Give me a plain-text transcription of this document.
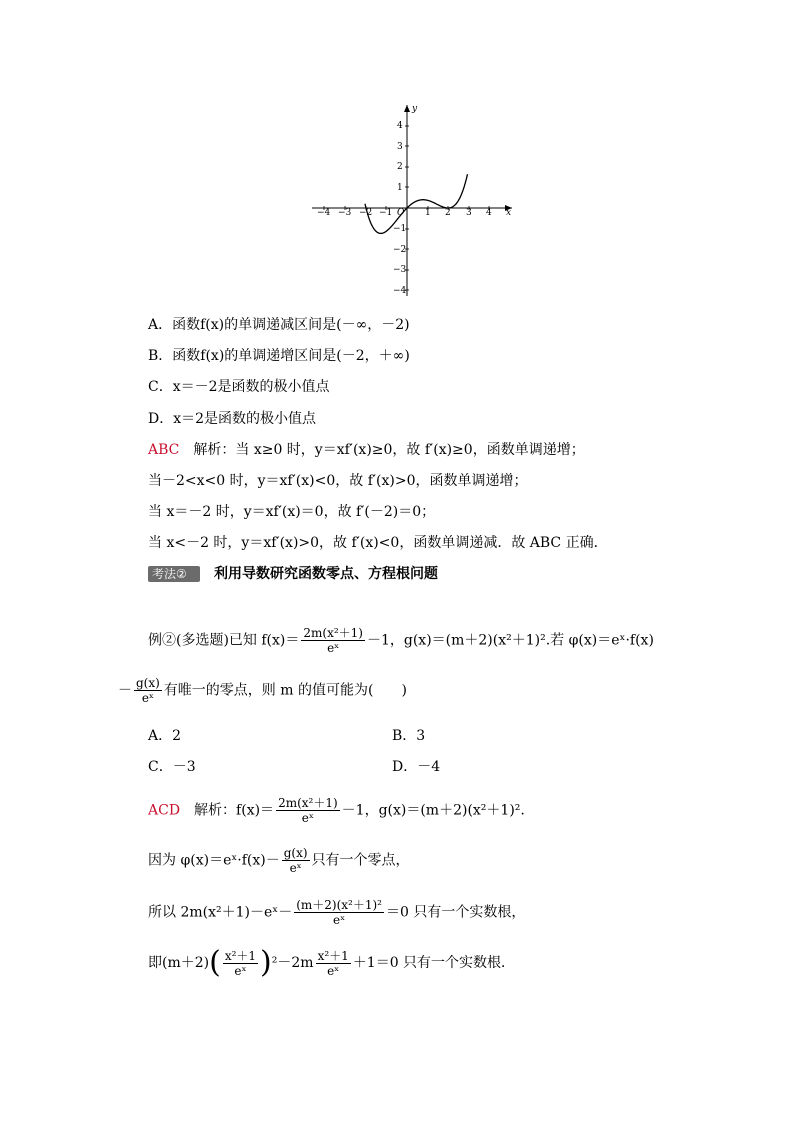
x
y
O
−4 −3 −2 −1	1 2 3 4
4
3
2
1
−1
−2
−3
−4
A．函数f(x)的单调递减区间是(－∞，－2)
B．函数f(x)的单调递增区间是(－2，＋∞)
C．x＝－2是函数的极小值点
D．x＝2是函数的极小值点
ABC　解析：当 x≥0 时，y＝xf′(x)≥0，故 f′(x)≥0，函数单调递增；
当－2<x<0 时，y＝xf′(x)<0，故 f′(x)>0，函数单调递增；
当 x＝－2 时，y＝xf′(x)＝0，故 f′(－2)＝0；
当 x<－2 时，y＝xf′(x)>0，故 f′(x)<0，函数单调递减．故 ABC 正确．
考法② 利用导数研究函数零点、方程根问题
例②(多选题)已知 $f(x)= \frac{\text{2m(x²＋1)}}{\text{eˣ}} -1$，g(x)＝(m＋2)(x²＋1)².若 φ(x)＝eˣ·f(x)
－ $\frac{g(x)}{\text{eˣ}}$ 有唯一的零点，则 m 的值可能为(　　)
A．2	B．3
C．－3	D．－4
ACD　解析：$f(x)= \frac{\text{2m(x²＋1)}}{\text{eˣ}} -1$，g(x)＝(m＋2)(x²＋1)².
因为 φ(x)＝eˣ·f(x)－ $\frac{g(x)}{\text{eˣ}}$ 只有一个零点，
所以 2m(x²＋1)－eˣ－ $\frac{\text{(m＋2)(x²＋1)²}}{\text{eˣ}} =0$ 只有一个实数根，
即$(m+2)( \frac{\text{x²＋1}}{\text{eˣ}} )^2-2m \frac{\text{x²＋1}}{\text{eˣ}} +1=0$ 只有一个实数根．
